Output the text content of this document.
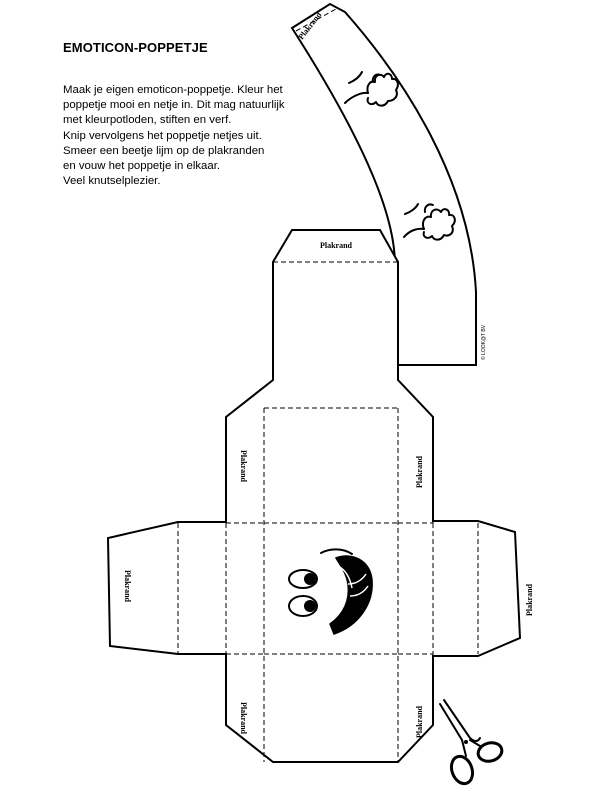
EMOTICON-POPPETJE
Maak je eigen emoticon-poppetje. Kleur het
poppetje mooi en netje in. Dit mag natuurlijk
met kleurpotloden, stiften en verf.
Knip vervolgens het poppetje netjes uit.
Smeer een beetje lijm op de plakranden
en vouw het poppetje in elkaar.
Veel knutselplezier.
Plakrand
© LOOK@T BV
Plakrand
Plakrand	Plakrand
Plakrand	Plakrand
Plakrand	Plakrand
